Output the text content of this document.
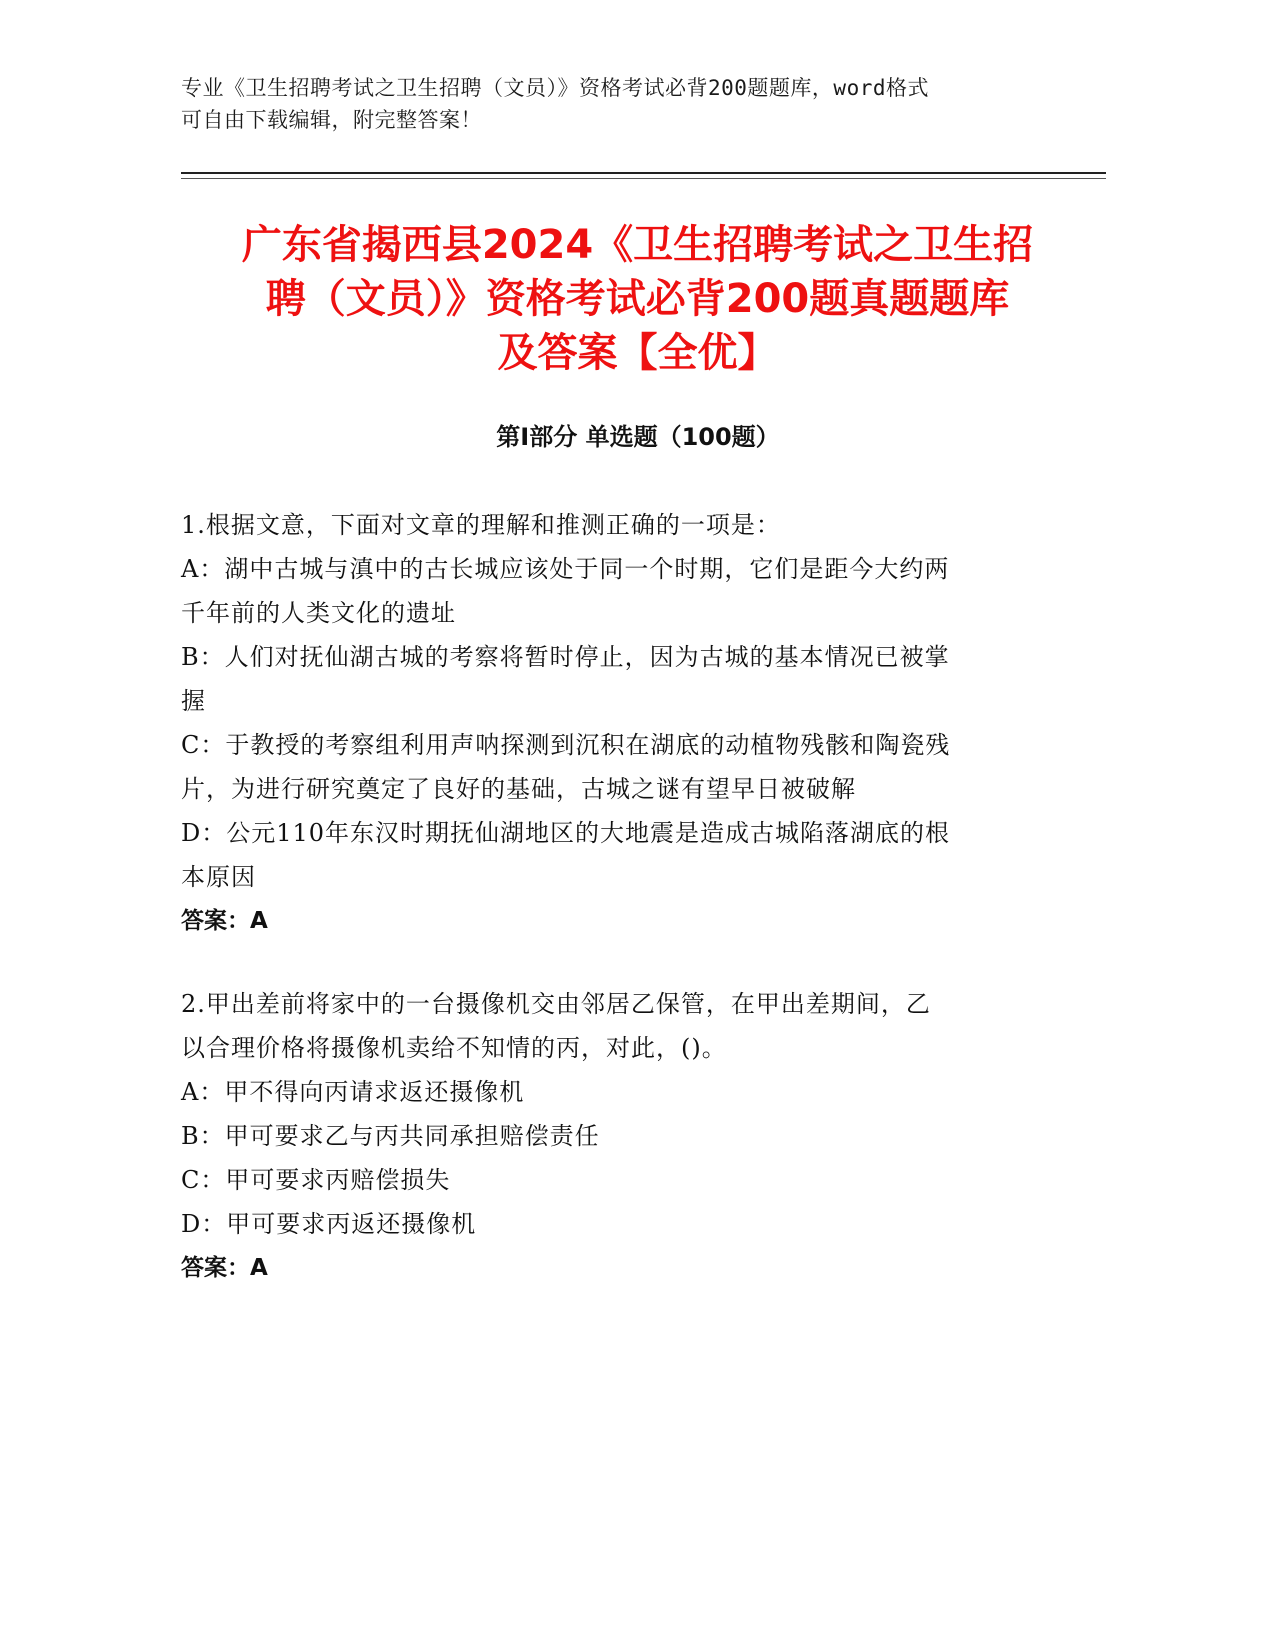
专业《卫生招聘考试之卫生招聘（文员）》资格考试必背200题题库，word格式
可自由下载编辑，附完整答案！
广东省揭西县2024《卫生招聘考试之卫生招
聘（文员）》资格考试必背200题真题题库
及答案【全优】
第I部分 单选题（100题）
1.根据文意，下面对文章的理解和推测正确的一项是：
A：湖中古城与滇中的古长城应该处于同一个时期，它们是距今大约两
千年前的人类文化的遗址
B：人们对抚仙湖古城的考察将暂时停止，因为古城的基本情况已被掌
握
C：于教授的考察组利用声呐探测到沉积在湖底的动植物残骸和陶瓷残
片，为进行研究奠定了良好的基础，古城之谜有望早日被破解
D：公元110年东汉时期抚仙湖地区的大地震是造成古城陷落湖底的根
本原因
答案：A
2.甲出差前将家中的一台摄像机交由邻居乙保管，在甲出差期间，乙
以合理价格将摄像机卖给不知情的丙，对此，()。
A：甲不得向丙请求返还摄像机
B：甲可要求乙与丙共同承担赔偿责任
C：甲可要求丙赔偿损失
D：甲可要求丙返还摄像机
答案：A
